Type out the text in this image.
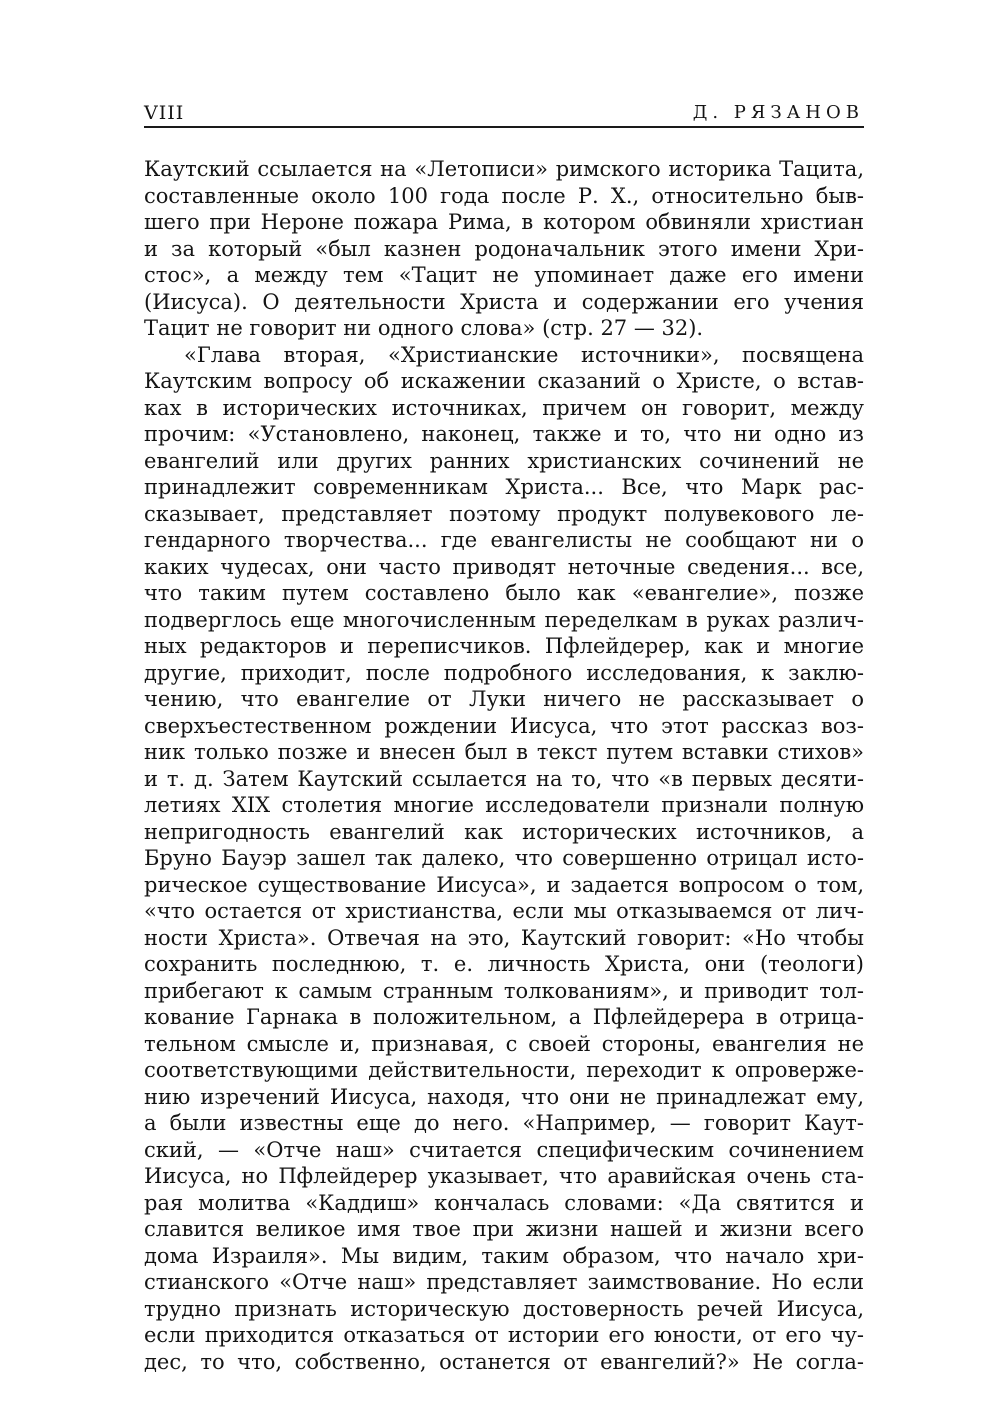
VIII	Д. РЯЗАНОВ
Каутский ссылается на «Летописи» римского историка Тацита,
составленные около 100 года после Р. Х., относительно быв-
шего при Нероне пожара Рима, в котором обвиняли христиан
и за который «был казнен родоначальник этого имени Хри-
стос», а между тем «Тацит не упоминает даже его имени
(Иисуса). О деятельности Христа и содержании его учения
Тацит не говорит ни одного слова» (стр. 27 — 32).
«Глава вторая, «Христианские источники», посвящена
Каутским вопросу об искажении сказаний о Христе, о встав-
ках в исторических источниках, причем он говорит, между
прочим: «Установлено, наконец, также и то, что ни одно из
евангелий или других ранних христианских сочинений не
принадлежит современникам Христа... Все, что Марк рас-
сказывает, представляет поэтому продукт полувекового ле-
гендарного творчества... где евангелисты не сообщают ни о
каких чудесах, они часто приводят неточные сведения... все,
что таким путем составлено было как «евангелие», позже
подверглось еще многочисленным переделкам в руках различ-
ных редакторов и переписчиков. Пфлейдерер, как и многие
другие, приходит, после подробного исследования, к заклю-
чению, что евангелие от Луки ничего не рассказывает о
сверхъестественном рождении Иисуса, что этот рассказ воз-
ник только позже и внесен был в текст путем вставки стихов»
и т. д. Затем Каутский ссылается на то, что «в первых десяти-
летиях XIX столетия многие исследователи признали полную
непригодность евангелий как исторических источников, а
Бруно Бауэр зашел так далеко, что совершенно отрицал исто-
рическое существование Иисуса», и задается вопросом о том,
«что остается от христианства, если мы отказываемся от лич-
ности Христа». Отвечая на это, Каутский говорит: «Но чтобы
сохранить последнюю, т. е. личность Христа, они (теологи)
прибегают к самым странным толкованиям», и приводит тол-
кование Гарнака в положительном, а Пфлейдерера в отрица-
тельном смысле и, признавая, с своей стороны, евангелия не
соответствующими действительности, переходит к опроверже-
нию изречений Иисуса, находя, что они не принадлежат ему,
а были известны еще до него. «Например, — говорит Каут-
ский, — «Отче наш» считается специфическим сочинением
Иисуса, но Пфлейдерер указывает, что аравийская очень ста-
рая молитва «Каддиш» кончалась словами: «Да святится и
славится великое имя твое при жизни нашей и жизни всего
дома Израиля». Мы видим, таким образом, что начало хри-
стианского «Отче наш» представляет заимствование. Но если
трудно признать историческую достоверность речей Иисуса,
если приходится отказаться от истории его юности, от его чу-
дес, то что, собственно, останется от евангелий?» Не согла-
